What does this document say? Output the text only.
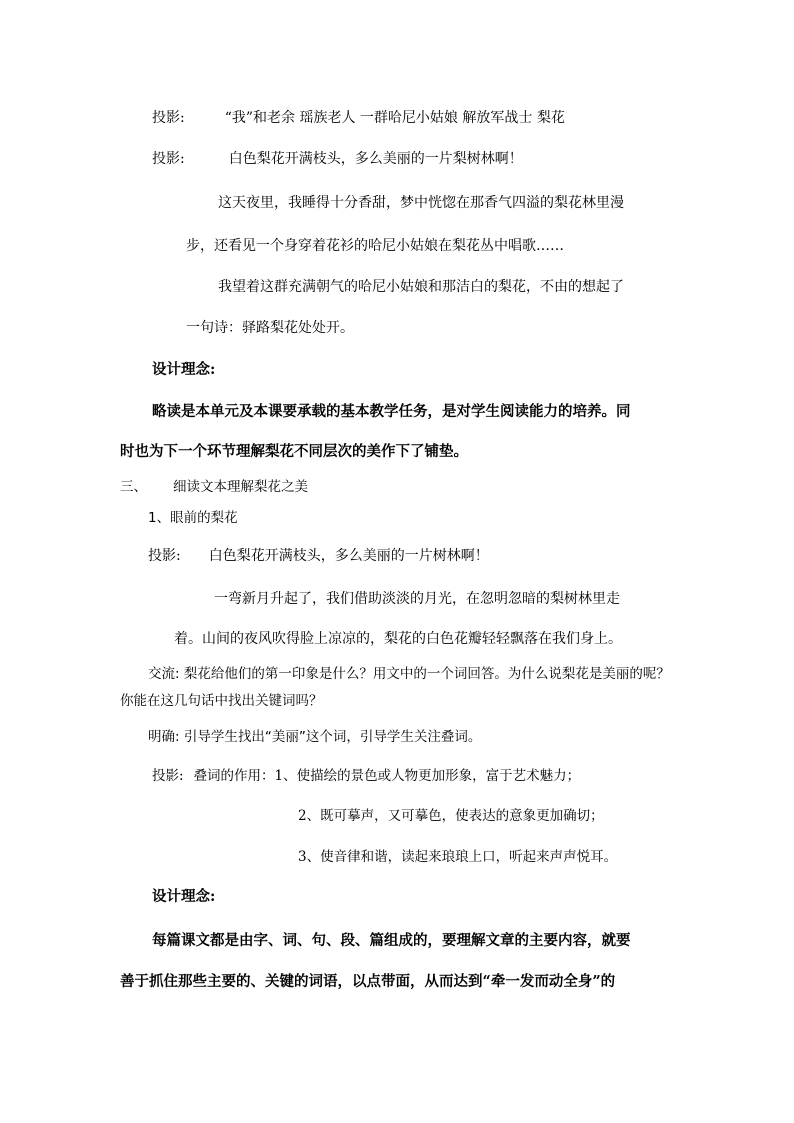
投影:	“我”和老余 瑶族老人 一群哈尼小姑娘 解放军战士 梨花
投影:	白色梨花开满枝头，多么美丽的一片梨树林啊！
这天夜里，我睡得十分香甜，梦中恍惚在那香气四溢的梨花林里漫
步，还看见一个身穿着花衫的哈尼小姑娘在梨花丛中唱歌……
我望着这群充满朝气的哈尼小姑娘和那洁白的梨花，不由的想起了
一句诗：驿路梨花处处开。
设计理念:
略读是本单元及本课要承载的基本教学任务，是对学生阅读能力的培养。同
时也为下一个环节理解梨花不同层次的美作下了铺垫。
三、 细读文本理解梨花之美
1、眼前的梨花
投影: 白色梨花开满枝头，多么美丽的一片树林啊！
一弯新月升起了，我们借助淡淡的月光，在忽明忽暗的梨树林里走
着。山间的夜风吹得脸上凉凉的，梨花的白色花瓣轻轻飘落在我们身上。
交流: 梨花给他们的第一印象是什么？用文中的一个词回答。为什么说梨花是美丽的呢？
你能在这几句话中找出关键词吗？
明确: 引导学生找出“美丽”这个词，引导学生关注叠词。
投影: 叠词的作用：1、使描绘的景色或人物更加形象，富于艺术魅力；
2、既可摹声，又可摹色，使表达的意象更加确切；
3、使音律和谐，读起来琅琅上口，听起来声声悦耳。
设计理念:
每篇课文都是由字、词、句、段、篇组成的，要理解文章的主要内容，就要
善于抓住那些主要的、关键的词语，以点带面，从而达到“牵一发而动全身”的
